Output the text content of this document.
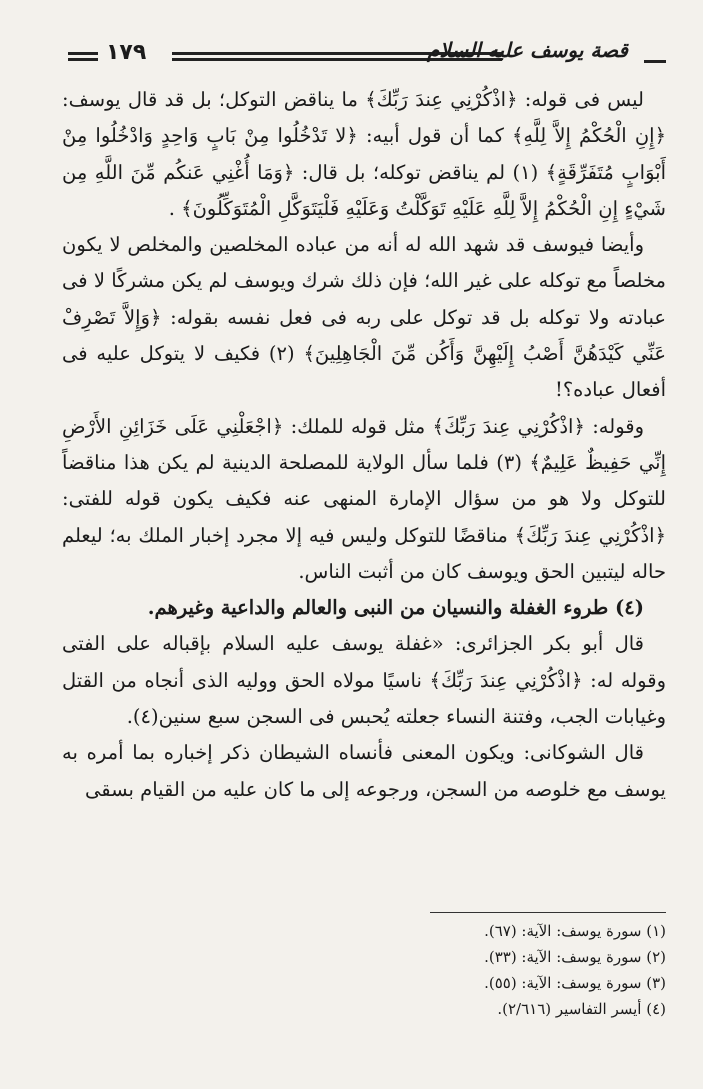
١٧٩	قصة يوسف عليه السلام

ليس فى قوله: ﴿اذْكُرْنِي عِندَ رَبِّكَ﴾ ما يناقض التوكل؛ بل قد قال يوسف: ﴿إِنِ الْحُكْمُ إِلاَّ لِلَّهِ﴾ كما أن قول أبيه: ﴿لا تَدْخُلُوا مِنْ بَابٍ وَاحِدٍ وَادْخُلُوا مِنْ أَبْوَابٍ مُتَفَرِّقَةٍ﴾ (١) لم يناقض توكله؛ بل قال: ﴿وَمَا أُغْنِي عَنكُم مِّنَ اللَّهِ مِن شَيْءٍ إِنِ الْحُكْمُ إِلاَّ لِلَّهِ عَلَيْهِ تَوَكَّلْتُ وَعَلَيْهِ فَلْيَتَوَكَّلِ الْمُتَوَكِّلُونَ﴾ .

وأيضا فيوسف قد شهد الله له أنه من عباده المخلصين والمخلص لا يكون مخلصاً مع توكله على غير الله؛ فإن ذلك شرك ويوسف لم يكن مشركًا لا فى عبادته ولا توكله بل قد توكل على ربه فى فعل نفسه بقوله: ﴿وَإِلاَّ تَصْرِفْ عَنِّي كَيْدَهُنَّ أَصْبُ إِلَيْهِنَّ وَأَكُن مِّنَ الْجَاهِلِينَ﴾ (٢) فكيف لا يتوكل عليه فى أفعال عباده؟!

وقوله: ﴿اذْكُرْنِي عِندَ رَبِّكَ﴾ مثل قوله للملك: ﴿اجْعَلْنِي عَلَى خَزَائِنِ الأَرْضِ إِنِّي حَفِيظٌ عَلِيمٌ﴾ (٣) فلما سأل الولاية للمصلحة الدينية لم يكن هذا مناقضاً للتوكل ولا هو من سؤال الإمارة المنهى عنه فكيف يكون قوله للفتى: ﴿اذْكُرْنِي عِندَ رَبِّكَ﴾ مناقضًا للتوكل وليس فيه إلا مجرد إخبار الملك به؛ ليعلم حاله ليتبين الحق ويوسف كان من أثبت الناس.

(٤) طروء الغفلة والنسيان من النبى والعالم والداعية وغيرهم.

قال أبو بكر الجزائرى: «غفلة يوسف عليه السلام بإقباله على الفتى وقوله له: ﴿اذْكُرْنِي عِندَ رَبِّكَ﴾ ناسيًا مولاه الحق ووليه الذى أنجاه من القتل وغيابات الجب، وفتنة النساء جعلته يُحبس فى السجن سبع سنين(٤).

قال الشوكانى: ويكون المعنى فأنساه الشيطان ذكر إخباره بما أمره به يوسف مع خلوصه من السجن، ورجوعه إلى ما كان عليه من القيام بسقى

(١) سورة يوسف: الآية: (٦٧).
(٢) سورة يوسف: الآية: (٣٣).
(٣) سورة يوسف: الآية: (٥٥).
(٤) أيسر التفاسير (٢/٦١٦).
